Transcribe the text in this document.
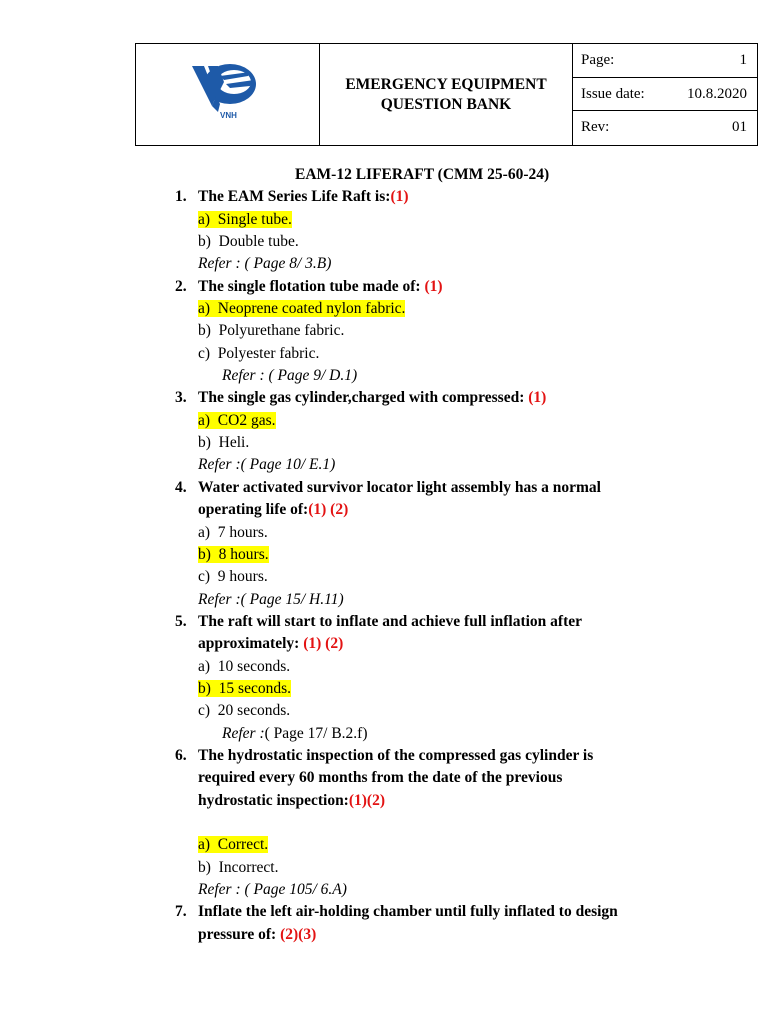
VNH
EMERGENCY EQUIPMENT
QUESTION BANK
Page:	1
Issue date:	10.8.2020
Rev:	01
EAM-12 LIFERAFT (CMM 25-60-24)
1. The EAM Series Life Raft is:(1)
a) Single tube.
b) Double tube.
Refer : ( Page 8/ 3.B)
2. The single flotation tube made of: (1)
a) Neoprene coated nylon fabric.
b) Polyurethane fabric.
c) Polyester fabric.
Refer : ( Page 9/ D.1)
3. The single gas cylinder,charged with compressed: (1)
a) CO2 gas.
b) Heli.
Refer :( Page 10/ E.1)
4. Water activated survivor locator light assembly has a normal
operating life of:(1) (2)
a) 7 hours.
b) 8 hours.
c) 9 hours.
Refer :( Page 15/ H.11)
5. The raft will start to inflate and achieve full inflation after
approximately: (1) (2)
a) 10 seconds.
b) 15 seconds.
c) 20 seconds.
Refer :( Page 17/ B.2.f)
6. The hydrostatic inspection of the compressed gas cylinder is
required every 60 months from the date of the previous
hydrostatic inspection:(1)(2)
a) Correct.
b) Incorrect.
Refer : ( Page 105/ 6.A)
7. Inflate the left air-holding chamber until fully inflated to design
pressure of: (2)(3)
